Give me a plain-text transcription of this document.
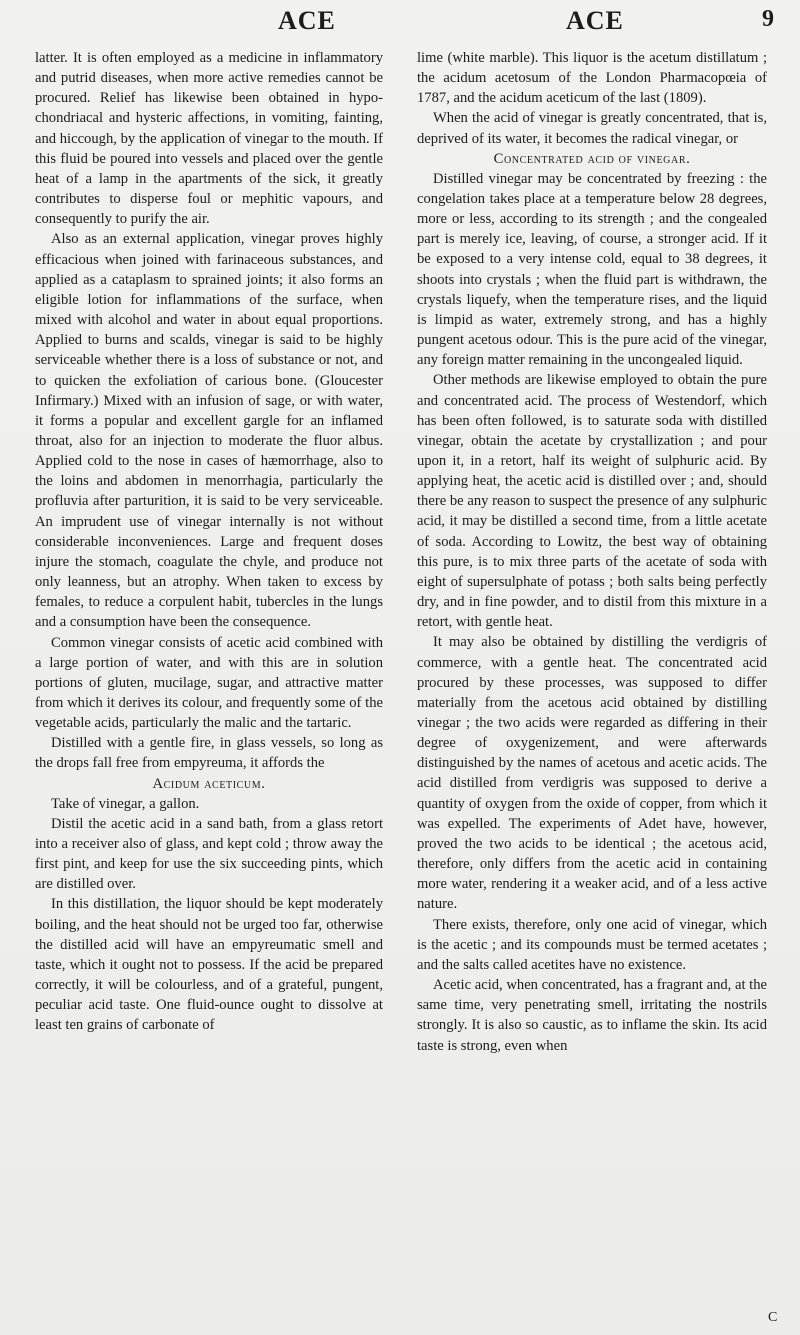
ACE	ACE	9

latter. It is often employed as a medicine in inflammatory and putrid diseases, when more active remedies cannot be procured. Relief has likewise been obtained in hypo-chondriacal and hysteric affections, in vomiting, fainting, and hiccough, by the application of vinegar to the mouth. If this fluid be poured into vessels and placed over the gentle heat of a lamp in the apartments of the sick, it greatly contributes to disperse foul or mephitic vapours, and consequently to purify the air.

Also as an external application, vinegar proves highly efficacious when joined with farinaceous substances, and applied as a cataplasm to sprained joints; it also forms an eligible lotion for inflammations of the surface, when mixed with alcohol and water in about equal proportions. Applied to burns and scalds, vinegar is said to be highly serviceable whether there is a loss of substance or not, and to quicken the exfoliation of carious bone. (Gloucester Infirmary.) Mixed with an infusion of sage, or with water, it forms a popular and excellent gargle for an inflamed throat, also for an injection to moderate the fluor albus. Applied cold to the nose in cases of hæmorrhage, also to the loins and abdomen in menorrhagia, particularly the profluvia after parturition, it is said to be very serviceable. An imprudent use of vinegar internally is not without considerable inconveniences. Large and frequent doses injure the stomach, coagulate the chyle, and produce not only leanness, but an atrophy. When taken to excess by females, to reduce a corpulent habit, tubercles in the lungs and a consumption have been the consequence.

Common vinegar consists of acetic acid combined with a large portion of water, and with this are in solution portions of gluten, mucilage, sugar, and attractive matter from which it derives its colour, and frequently some of the vegetable acids, particularly the malic and the tartaric.

Distilled with a gentle fire, in glass vessels, so long as the drops fall free from empyreuma, it affords the

Acidum aceticum.

Take of vinegar, a gallon.

Distil the acetic acid in a sand bath, from a glass retort into a receiver also of glass, and kept cold ; throw away the first pint, and keep for use the six succeeding pints, which are distilled over.

In this distillation, the liquor should be kept moderately boiling, and the heat should not be urged too far, otherwise the distilled acid will have an empyreumatic smell and taste, which it ought not to possess. If the acid be prepared correctly, it will be colourless, and of a grateful, pungent, peculiar acid taste. One fluid-ounce ought to dissolve at least ten grains of carbonate of

lime (white marble). This liquor is the acetum distillatum ; the acidum acetosum of the London Pharmacopœia of 1787, and the acidum aceticum of the last (1809).

When the acid of vinegar is greatly concentrated, that is, deprived of its water, it becomes the radical vinegar, or

Concentrated acid of vinegar.

Distilled vinegar may be concentrated by freezing : the congelation takes place at a temperature below 28 degrees, more or less, according to its strength ; and the congealed part is merely ice, leaving, of course, a stronger acid. If it be exposed to a very intense cold, equal to 38 degrees, it shoots into crystals ; when the fluid part is withdrawn, the crystals liquefy, when the temperature rises, and the liquid is limpid as water, extremely strong, and has a highly pungent acetous odour. This is the pure acid of the vinegar, any foreign matter remaining in the uncongealed liquid.

Other methods are likewise employed to obtain the pure and concentrated acid. The process of Westendorf, which has been often followed, is to saturate soda with distilled vinegar, obtain the acetate by crystallization ; and pour upon it, in a retort, half its weight of sulphuric acid. By applying heat, the acetic acid is distilled over ; and, should there be any reason to suspect the presence of any sulphuric acid, it may be distilled a second time, from a little acetate of soda. According to Lowitz, the best way of obtaining this pure, is to mix three parts of the acetate of soda with eight of supersulphate of potass ; both salts being perfectly dry, and in fine powder, and to distil from this mixture in a retort, with gentle heat.

It may also be obtained by distilling the verdigris of commerce, with a gentle heat. The concentrated acid procured by these processes, was supposed to differ materially from the acetous acid obtained by distilling vinegar ; the two acids were regarded as differing in their degree of oxygenizement, and were afterwards distinguished by the names of acetous and acetic acids. The acid distilled from verdigris was supposed to derive a quantity of oxygen from the oxide of copper, from which it was expelled. The experiments of Adet have, however, proved the two acids to be identical ; the acetous acid, therefore, only differs from the acetic acid in containing more water, rendering it a weaker acid, and of a less active nature.

There exists, therefore, only one acid of vinegar, which is the acetic ; and its compounds must be termed acetates ; and the salts called acetites have no existence.

Acetic acid, when concentrated, has a fragrant and, at the same time, very penetrating smell, irritating the nostrils strongly. It is also so caustic, as to inflame the skin. Its acid taste is strong, even when

C
